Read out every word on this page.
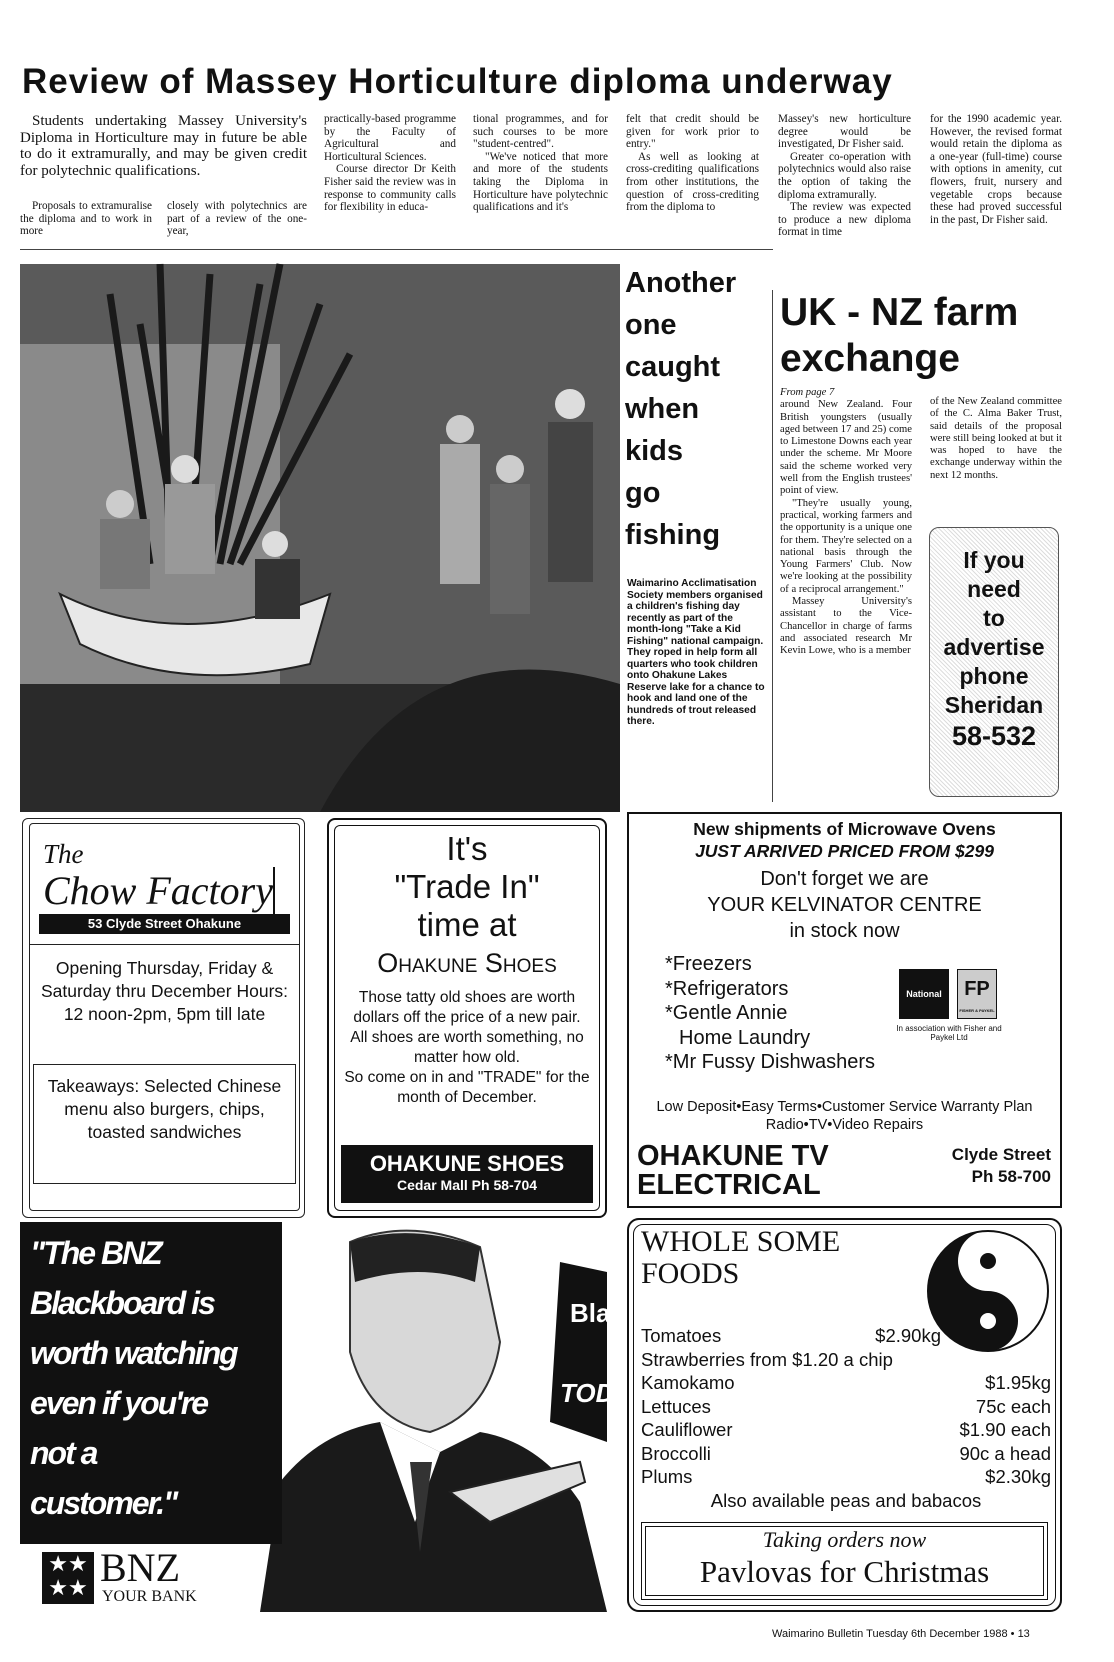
Review of Massey Horticulture diploma underway

Students undertaking Massey University's Diploma in Horticulture may in future be able to do it extramurally, and may be given credit for polytechnic qualifications.

Proposals to extramuralise the diploma and to work in more

closely with polytechnics are part of a review of the one-year,

practically-based programme by the Faculty of Agricultural and Horticultural Sciences.

Course director Dr Keith Fisher said the review was in response to community calls for flexibility in educa-

tional programmes, and for such courses to be more "student-centred".

"We've noticed that more and more of the students taking the Diploma in Horticulture have polytechnic qualifications and it's

felt that credit should be given for work prior to entry."

As well as looking at cross-crediting qualifications from other institutions, the question of cross-crediting from the diploma to

Massey's new horticulture degree would be investigated, Dr Fisher said.

Greater co-operation with polytechnics would also raise the option of taking the diploma extramurally.

The review was expected to produce a new diploma format in time

for the 1990 academic year. However, the revised format would retain the diploma as a one-year (full-time) course with options in amenity, cut flowers, fruit, nursery and vegetable crops because these had proved successful in the past, Dr Fisher said.

Another
one
caught
when
kids
go
fishing
Waimarino Acclimatisation Society members organised a children's fishing day recently as part of the month-long "Take a Kid Fishing" national campaign. They roped in help form all quarters who took children onto Ohakune Lakes Reserve lake for a chance to hook and land one of the hundreds of trout released there.
UK - NZ farm
exchange

From page 7

around New Zealand. Four British youngsters (usually aged between 17 and 25) come to Limestone Downs each year under the scheme. Mr Moore said the scheme worked very well from the English trustees' point of view.

"They're usually young, practical, working farmers and the opportunity is a unique one for them. They're selected on a national basis through the Young Farmers' Club. Now we're looking at the possibility of a reciprocal arrangement."

Massey University's assistant to the Vice-Chancellor in charge of farms and associated research Mr Kevin Lowe, who is a member

of the New Zealand committee of the C. Alma Baker Trust, said details of the proposal were still being looked at but it was hoped to have the exchange underway within the next 12 months.

If you
need
to
advertise
phone
Sheridan
58-532
The
Chow Factory
53 Clyde Street Ohakune
Opening Thursday, Friday & Saturday thru December Hours: 12 noon-2pm, 5pm till late
Takeaways: Selected Chinese menu also burgers, chips, toasted sandwiches
It's
"Trade In"
time at
Ohakune Shoes
Those tatty old shoes are worth dollars off the price of a new pair.
All shoes are worth something, no matter how old.
So come on in and "TRADE" for the month of December.
OHAKUNE SHOES
Cedar Mall Ph 58-704
New shipments of Microwave Ovens
JUST ARRIVED PRICED FROM $299
Don't forget we are
YOUR KELVINATOR CENTRE
in stock now
*Freezers
*Refrigerators
*Gentle Annie
Home Laundry
*Mr Fussy Dishwashers
National	FP
FISHER & PAYKEL
In association with Fisher and Paykel Ltd
Low Deposit•Easy Terms•Customer Service Warranty Plan
Radio•TV•Video Repairs
OHAKUNE TV ELECTRICAL
Clyde Street
Ph 58-700
Blac
TODA
"The BNZ
Blackboard is
worth watching
even if you're
not a
customer."
★★
★★ BNZ
YOUR BANK
WHOLE SOME FOODS
Tomatoes	$2.90kg
Strawberries from $1.20 a chip
Kamokamo	$1.95kg
Lettuces	75c each
Cauliflower	$1.90 each
Broccolli	90c a head
Plums	$2.30kg
Also available peas and babacos
Taking orders now
Pavlovas for Christmas
Waimarino Bulletin Tuesday 6th December 1988 • 13
